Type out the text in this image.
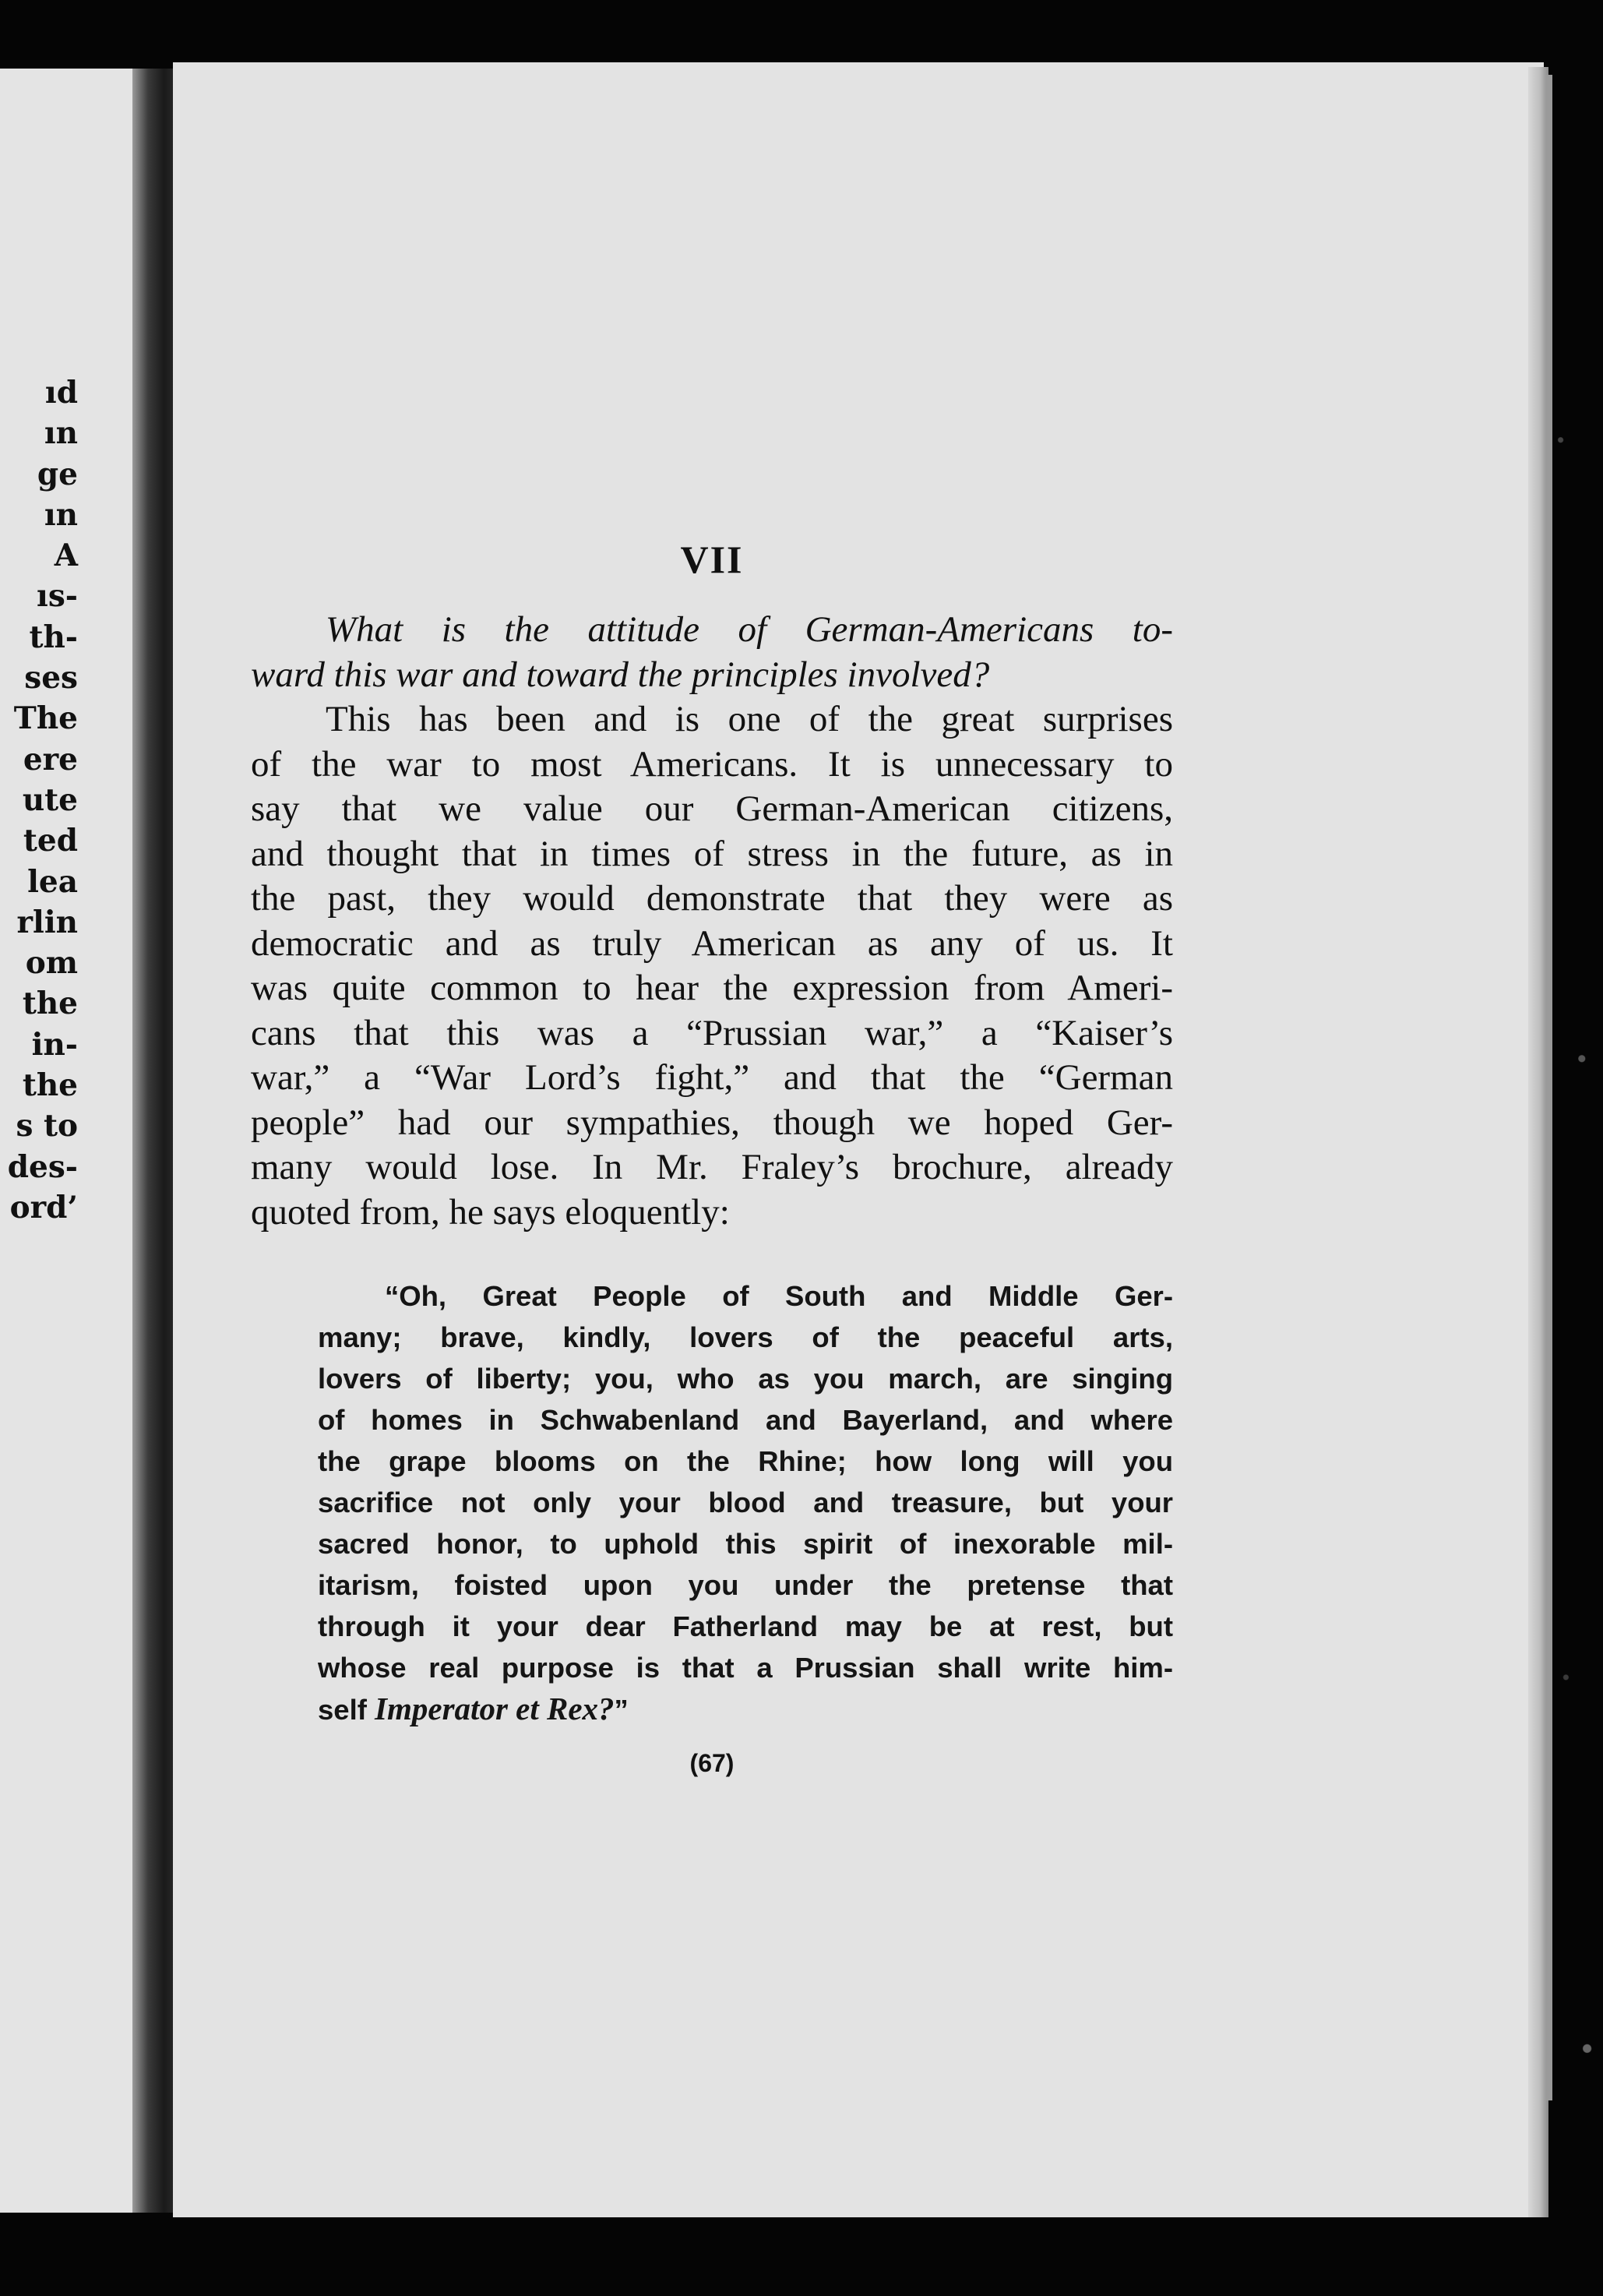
ıd
ın
ge
ın
A
ıs-
th-
ses
The
ere
ute
ted
lea
rlin
om
the
in-
the
s to
des-
ord’
VII
What is the attitude of German-Americans to-
ward this war and toward the principles involved?
This has been and is one of the great surprises
of the war to most Americans. It is unnecessary to
say that we value our German-American citizens,
and thought that in times of stress in the future, as in
the past, they would demonstrate that they were as
democratic and as truly American as any of us. It
was quite common to hear the expression from Ameri-
cans that this was a “Prussian war,” a “Kaiser’s
war,” a “War Lord’s fight,” and that the “German
people” had our sympathies, though we hoped Ger-
many would lose. In Mr. Fraley’s brochure, already
quoted from, he says eloquently:
“Oh, Great People of South and Middle Ger-
many; brave, kindly, lovers of the peaceful arts,
lovers of liberty; you, who as you march, are singing
of homes in Schwabenland and Bayerland, and where
the grape blooms on the Rhine; how long will you
sacrifice not only your blood and treasure, but your
sacred honor, to uphold this spirit of inexorable mil-
itarism, foisted upon you under the pretense that
through it your dear Fatherland may be at rest, but
whose real purpose is that a Prussian shall write him-
self Imperator et Rex?”
(67)
